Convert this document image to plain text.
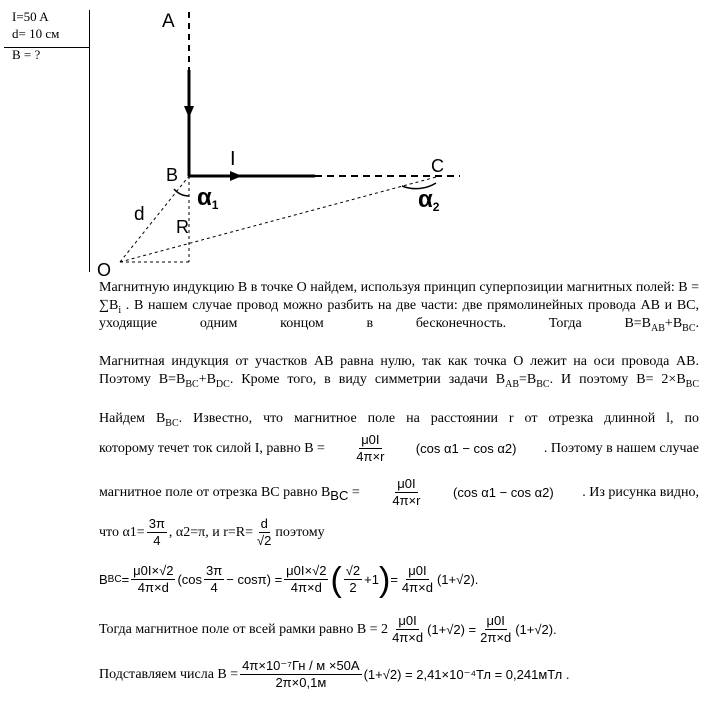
I=50 A
d= 10 см
B = ?
A
B	C
O
I
d
R
α1	α2

Магнитную индукцию B в точке O найдем, используя принцип суперпозиции магнитных полей: $B = \sum B_i$ . В нашем случае провод можно разбить на две части: две прямолинейных провода AB и BC, уходящие одним концом в бесконечность. Тогда $B=B_{AB}+B_{BC}$.

Магнитная индукция от участков AB равна нулю, так как точка O лежит на оси провода AB. Поэтому $B=B_{BC}+B_{DC}$. Кроме того, в виду симметрии задачи $B_{AB}=B_{BC}$. И поэтому $B= 2\times B_{BC}$

Найдем $B_{BC}$. Известно, что магнитное поле на расстоянии r от отрезка длинной l, по

которому течет ток силой I, равно $B = \frac{\mu 0I}{4\pi\times r} (\cos$ α1 − cos α2) . Поэтому в нашем случае
магнитное поле от отрезка BC равно $B_{BC} = \frac{\mu 0I}{4\pi\times r} (\cos$ α1 − cos α2) . Из рисунка видно,
что $\alpha 1= \frac{3\pi}{4}$ , α2=π, и $r=R= \frac{d}{√2}$ поэтому
B BC = $\frac{\mu 0I\times√2}{4\pi\times d} (\cos \frac{3\pi}{4} - \cos\pi) = \frac{\mu 0I\times√2}{4\pi\times d}$ ( $\frac{√2}{2} +1$ ) = $\frac{\mu 0I}{4\pi\times d} (1+√2)$.
Тогда магнитное поле от всей рамки равно $B = 2 \frac{\mu 0I}{4\pi\times d} (1+√2) = \frac{\mu 0I}{2\pi\times d} (1+√2)$.
Подставляем числа $B = \frac{\text{4π×10⁻⁷Гн / м ×50A}}{2\pi\times 0,1м} (1+√2) = 2,41\times 10^{-4}Тл = 0,241мТл$ .
